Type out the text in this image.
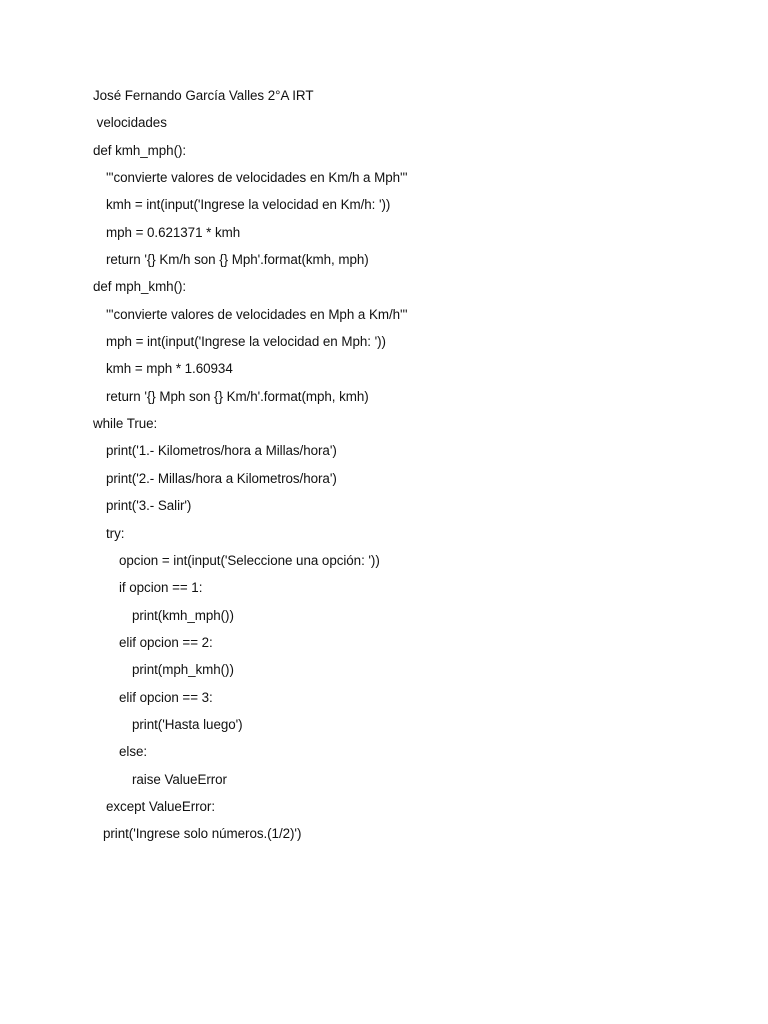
José Fernando García Valles 2°A IRT
velocidades
def kmh_mph():
'''convierte valores de velocidades en Km/h a Mph'''
kmh = int(input('Ingrese la velocidad en Km/h: '))
mph = 0.621371 * kmh
return '{} Km/h son {} Mph'.format(kmh, mph)
def mph_kmh():
'''convierte valores de velocidades en Mph a Km/h'''
mph = int(input('Ingrese la velocidad en Mph: '))
kmh = mph * 1.60934
return '{} Mph son {} Km/h'.format(mph, kmh)
while True:
print('1.- Kilometros/hora a Millas/hora')
print('2.- Millas/hora a Kilometros/hora')
print('3.- Salir')
try:
opcion = int(input('Seleccione una opción: '))
if opcion == 1:
print(kmh_mph())
elif opcion == 2:
print(mph_kmh())
elif opcion == 3:
print('Hasta luego')
else:
raise ValueError
except ValueError:
print('Ingrese solo números.(1/2)')
